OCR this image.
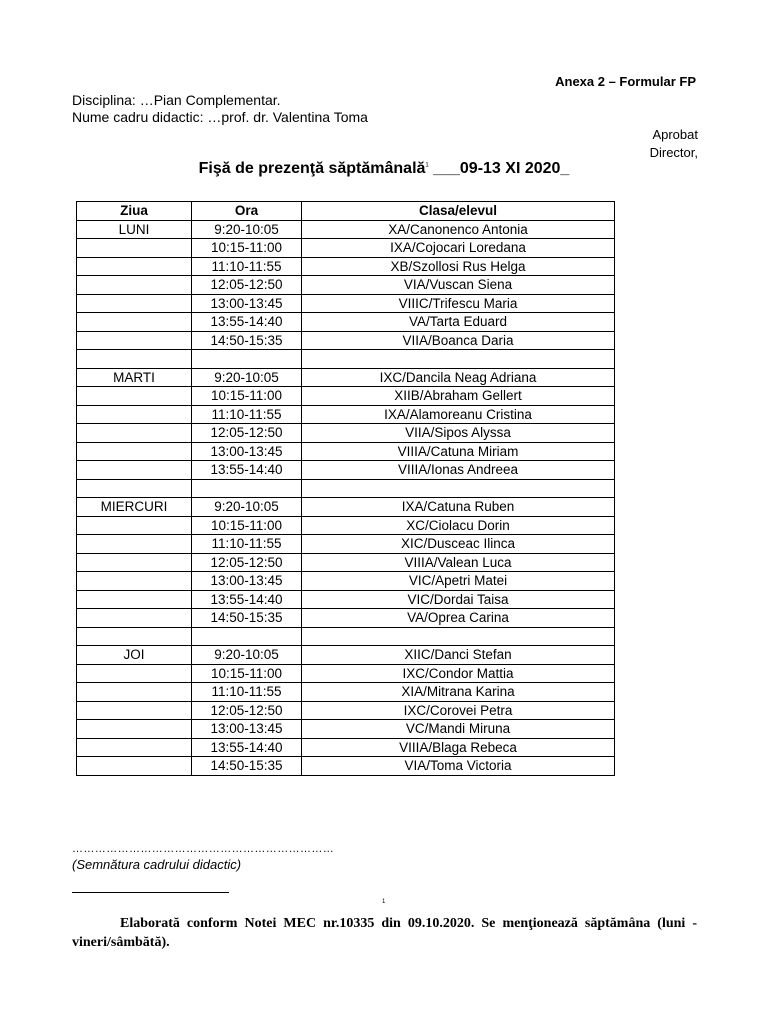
Anexa 2 – Formular FP
Disciplina: …Pian Complementar.
Nume cadru didactic: …prof. dr. Valentina Toma
Aprobat
Director,
Fişă de prezenţă săptămânală$^1$ ___09-13 XI 2020_
Ziua	Ora	Clasa/elevul
LUNI	9:20-10:05	XA/Canonenco Antonia
	10:15-11:00	IXA/Cojocari Loredana
	11:10-11:55	XB/Szollosi Rus Helga
	12:05-12:50	VIA/Vuscan Siena
	13:00-13:45	VIIIC/Trifescu Maria
	13:55-14:40	VA/Tarta Eduard
	14:50-15:35	VIIA/Boanca Daria

MARTI	9:20-10:05	IXC/Dancila Neag Adriana
	10:15-11:00	XIIB/Abraham Gellert
	11:10-11:55	IXA/Alamoreanu Cristina
	12:05-12:50	VIIA/Sipos Alyssa
	13:00-13:45	VIIIA/Catuna Miriam
	13:55-14:40	VIIIA/Ionas Andreea

MIERCURI	9:20-10:05	IXA/Catuna Ruben
	10:15-11:00	XC/Ciolacu Dorin
	11:10-11:55	XIC/Dusceac Ilinca
	12:05-12:50	VIIIA/Valean Luca
	13:00-13:45	VIC/Apetri Matei
	13:55-14:40	VIC/Dordai Taisa
	14:50-15:35	VA/Oprea Carina

JOI	9:20-10:05	XIIC/Danci Stefan
	10:15-11:00	IXC/Condor Mattia
	11:10-11:55	XIA/Mitrana Karina
	12:05-12:50	IXC/Corovei Petra
	13:00-13:45	VC/Mandi Miruna
	13:55-14:40	VIIIA/Blaga Rebeca
	14:50-15:35	VIA/Toma Victoria
……………………………………………………………
(Semnătura cadrului didactic)
1
Elaborată conform Notei MEC nr.10335 din 09.10.2020. Se menţionează săptămâna (luni - vineri/sâmbătă).
